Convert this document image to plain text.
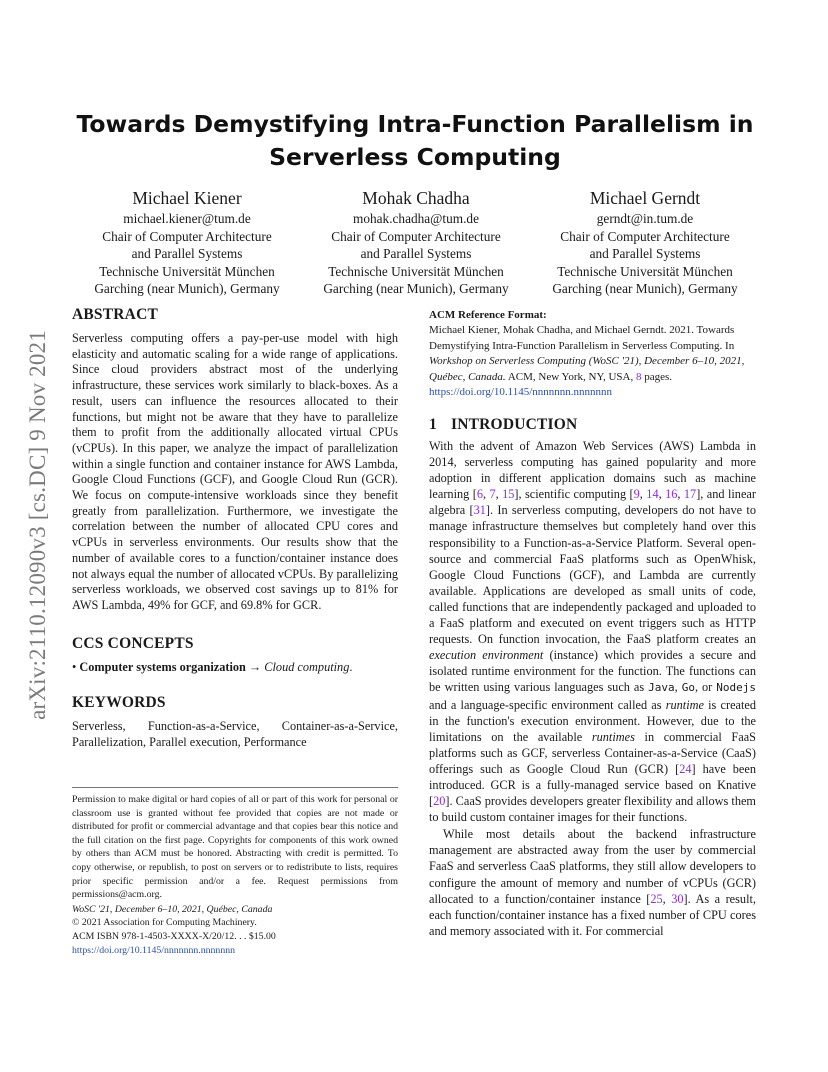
arXiv:2110.12090v3 [cs.DC] 9 Nov 2021
Towards Demystifying Intra-Function Parallelism in
Serverless Computing
Michael Kiener
michael.kiener@tum.de
Chair of Computer Architecture
and Parallel Systems
Technische Universität München
Garching (near Munich), Germany
Mohak Chadha
mohak.chadha@tum.de
Chair of Computer Architecture
and Parallel Systems
Technische Universität München
Garching (near Munich), Germany
Michael Gerndt
gerndt@in.tum.de
Chair of Computer Architecture
and Parallel Systems
Technische Universität München
Garching (near Munich), Germany
ABSTRACT

Serverless computing offers a pay-per-use model with high elasticity and automatic scaling for a wide range of applications. Since cloud providers abstract most of the underlying infrastructure, these services work similarly to black-boxes. As a result, users can influence the resources allocated to their functions, but might not be aware that they have to parallelize them to profit from the additionally allocated virtual CPUs (vCPUs). In this paper, we analyze the impact of parallelization within a single function and container instance for AWS Lambda, Google Cloud Functions (GCF), and Google Cloud Run (GCR). We focus on compute-intensive workloads since they benefit greatly from parallelization. Furthermore, we investigate the correlation between the number of allocated CPU cores and vCPUs in serverless environments. Our results show that the number of available cores to a function/container instance does not always equal the number of allocated vCPUs. By parallelizing serverless workloads, we observed cost savings up to 81% for AWS Lambda, 49% for GCF, and 69.8% for GCR.

CCS CONCEPTS

• Computer systems organization → Cloud computing.

KEYWORDS

Serverless, Function-as-a-Service, Container-as-a-Service, Parallelization, Parallel execution, Performance

Permission to make digital or hard copies of all or part of this work for personal or classroom use is granted without fee provided that copies are not made or distributed for profit or commercial advantage and that copies bear this notice and the full citation on the first page. Copyrights for components of this work owned by others than ACM must be honored. Abstracting with credit is permitted. To copy otherwise, or republish, to post on servers or to redistribute to lists, requires prior specific permission and/or a fee. Request permissions from permissions@acm.org.

WoSC '21, December 6–10, 2021, Québec, Canada

© 2021 Association for Computing Machinery.

ACM ISBN 978-1-4503-XXXX-X/20/12. . . $15.00

https://doi.org/10.1145/nnnnnnn.nnnnnnn

ACM Reference Format:

Michael Kiener, Mohak Chadha, and Michael Gerndt. 2021. Towards Demystifying Intra-Function Parallelism in Serverless Computing. In Workshop on Serverless Computing (WoSC '21), December 6–10, 2021, Québec, Canada. ACM, New York, NY, USA, 8 pages.
https://doi.org/10.1145/nnnnnnn.nnnnnnn

1 INTRODUCTION

With the advent of Amazon Web Services (AWS) Lambda in 2014, serverless computing has gained popularity and more adoption in different application domains such as machine learning [6, 7, 15], scientific computing [9, 14, 16, 17], and linear algebra [31]. In serverless computing, developers do not have to manage infrastructure themselves but completely hand over this responsibility to a Function-as-a-Service Platform. Several open-source and commercial FaaS platforms such as OpenWhisk, Google Cloud Functions (GCF), and Lambda are currently available. Applications are developed as small units of code, called functions that are independently packaged and uploaded to a FaaS platform and executed on event triggers such as HTTP requests. On function invocation, the FaaS platform creates an execution environment (instance) which provides a secure and isolated runtime environment for the function. The functions can be written using various languages such as Java, Go, or Nodejs and a language-specific environment called as runtime is created in the function's execution environment. However, due to the limitations on the available runtimes in commercial FaaS platforms such as GCF, serverless Container-as-a-Service (CaaS) offerings such as Google Cloud Run (GCR) [24] have been introduced. GCR is a fully-managed service based on Knative [20]. CaaS provides developers greater flexibility and allows them to build custom container images for their functions.

While most details about the backend infrastructure management are abstracted away from the user by commercial FaaS and serverless CaaS platforms, they still allow developers to configure the amount of memory and number of vCPUs (GCR) allocated to a function/container instance [25, 30]. As a result, each function/container instance has a fixed number of CPU cores and memory associated with it. For commercial
